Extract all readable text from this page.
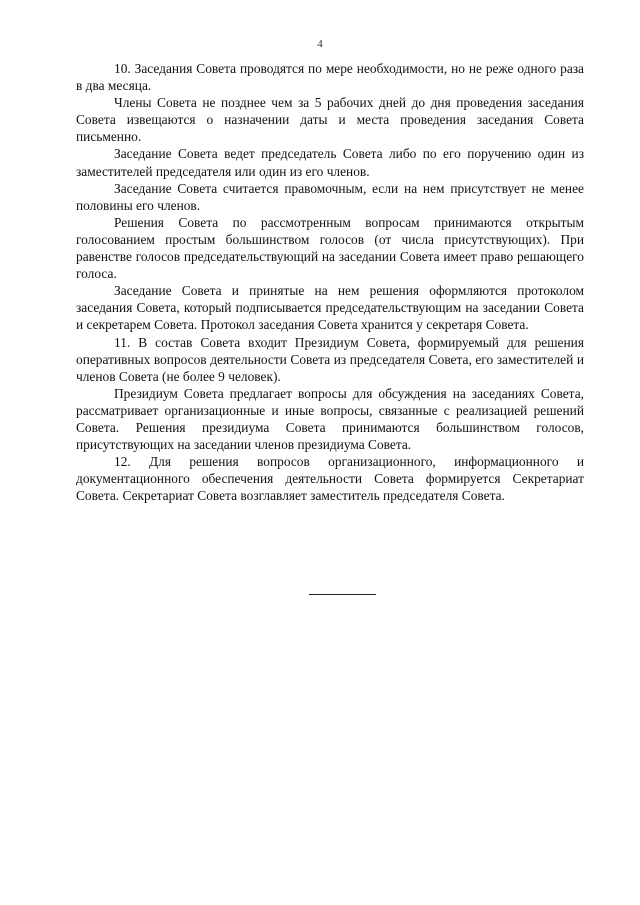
4

10. Заседания Совета проводятся по мере необходимости, но не реже одного раза в два месяца.

Члены Совета не позднее чем за 5 рабочих дней до дня проведения заседания Совета извещаются о назначении даты и места проведения заседания Совета письменно.

Заседание Совета ведет председатель Совета либо по его поручению один из заместителей председателя или один из его членов.

Заседание Совета считается правомочным, если на нем присутствует не менее половины его членов.

Решения Совета по рассмотренным вопросам принимаются открытым голосованием простым большинством голосов (от числа присутствующих). При равенстве голосов председательствующий на заседании Совета имеет право решающего голоса.

Заседание Совета и принятые на нем решения оформляются протоколом заседания Совета, который подписывается председательствующим на заседании Совета и секретарем Совета. Протокол заседания Совета хранится у секретаря Совета.

11. В состав Совета входит Президиум Совета, формируемый для решения оперативных вопросов деятельности Совета из председателя Совета, его заместителей и членов Совета (не более 9 человек).

Президиум Совета предлагает вопросы для обсуждения на заседаниях Совета, рассматривает организационные и иные вопросы, связанные с реализацией решений Совета. Решения президиума Совета принимаются большинством голосов, присутствующих на заседании членов президиума Совета.

12. Для решения вопросов организационного, информационного и документационного обеспечения деятельности Совета формируется Секретариат Совета. Секретариат Совета возглавляет заместитель председателя Совета.
